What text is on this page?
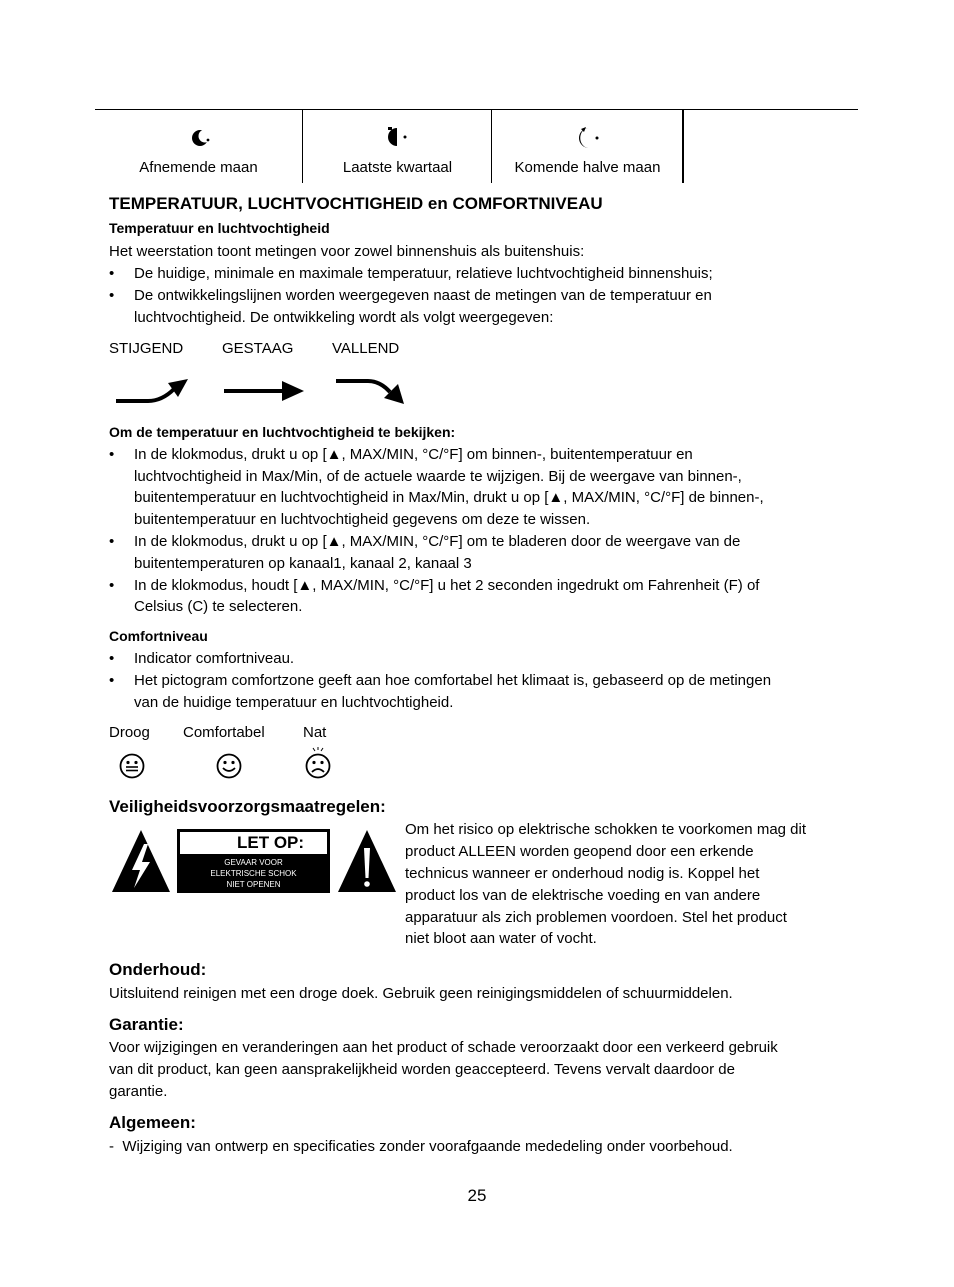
Afnemende maan	Laatste kwartaal	Komende halve maan
TEMPERATUUR, LUCHTVOCHTIGHEID en COMFORTNIVEAU
Temperatuur en luchtvochtigheid
Het weerstation toont metingen voor zowel binnenshuis als buitenshuis:
• De huidige, minimale en maximale temperatuur, relatieve luchtvochtigheid binnenshuis;
• De ontwikkelingslijnen worden weergegeven naast de metingen van de temperatuur en
luchtvochtigheid. De ontwikkeling wordt als volgt weergegeven:
STIJGEND	GESTAAG	VALLEND
Om de temperatuur en luchtvochtigheid te bekijken:
• In de klokmodus, drukt u op [▲, MAX/MIN, °C/°F] om binnen-, buitentemperatuur en
luchtvochtigheid in Max/Min, of de actuele waarde te wijzigen. Bij de weergave van binnen-,
buitentemperatuur en luchtvochtigheid in Max/Min, drukt u op [▲, MAX/MIN, °C/°F] de binnen-,
buitentemperatuur en luchtvochtigheid gegevens om deze te wissen.
• In de klokmodus, drukt u op [▲, MAX/MIN, °C/°F] om te bladeren door de weergave van de
buitentemperaturen op kanaal1, kanaal 2, kanaal 3
• In de klokmodus, houdt [▲, MAX/MIN, °C/°F] u het 2 seconden ingedrukt om Fahrenheit (F) of
Celsius (C) te selecteren.
Comfortniveau
• Indicator comfortniveau.
• Het pictogram comfortzone geeft aan hoe comfortabel het klimaat is, gebaseerd op de metingen
van de huidige temperatuur en luchtvochtigheid.
Droog Comfortabel	Nat
Veiligheidsvoorzorgsmaatregelen:
LET OP:
GEVAAR VOOR
ELEKTRISCHE SCHOK
NIET OPENEN
Om het risico op elektrische schokken te voorkomen mag dit
product ALLEEN worden geopend door een erkende
technicus wanneer er onderhoud nodig is. Koppel het
product los van de elektrische voeding en van andere
apparatuur als zich problemen voordoen. Stel het product
niet bloot aan water of vocht.
Onderhoud:
Uitsluitend reinigen met een droge doek. Gebruik geen reinigingsmiddelen of schuurmiddelen.
Garantie:
Voor wijzigingen en veranderingen aan het product of schade veroorzaakt door een verkeerd gebruik
van dit product, kan geen aansprakelijkheid worden geaccepteerd. Tevens vervalt daardoor de
garantie.
Algemeen:
-  Wijziging van ontwerp en specificaties zonder voorafgaande mededeling onder voorbehoud.
25
